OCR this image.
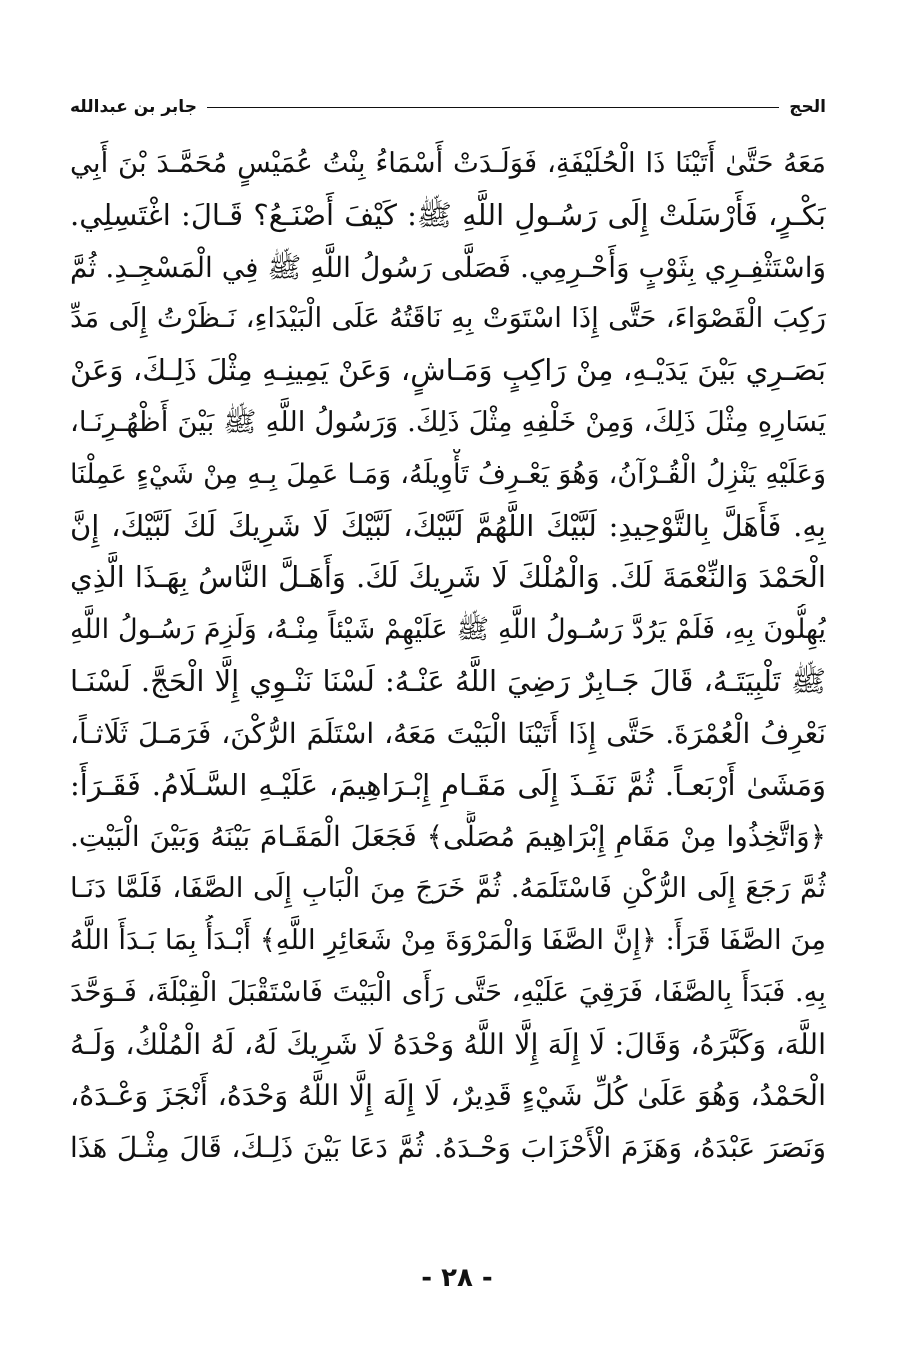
الحج
جابر بن عبدالله
مَعَهُ حَتَّىٰ أَتَيْنَا ذَا الْحُلَيْفَةِ، فَوَلَـدَتْ أَسْمَاءُ بِنْتُ عُمَيْسٍ مُحَمَّـدَ بْنَ أَبِي
بَكْـرٍ، فَأَرْسَلَتْ إِلَى رَسُـولِ اللَّهِ ﷺ: كَيْفَ أَصْنَـعُ؟ قَـالَ: اغْتَسِلِي.
وَاسْتَثْفِـرِي بِثَوْبٍ وَأَحْـرِمِي. فَصَلَّى رَسُولُ اللَّهِ ﷺ فِي الْمَسْجِـدِ. ثُمَّ
رَكِبَ الْقَصْوَاءَ، حَتَّى إِذَا اسْتَوَتْ بِهِ نَاقَتُهُ عَلَى الْبَيْدَاءِ، نَـظَرْتُ إِلَى مَدِّ
بَصَـرِي بَيْنَ يَدَيْـهِ، مِنْ رَاكِبٍ وَمَـاشٍ، وَعَنْ يَمِينِـهِ مِثْلَ ذَلِـكَ، وَعَنْ
يَسَارِهِ مِثْلَ ذَلِكَ، وَمِنْ خَلْفِهِ مِثْلَ ذَلِكَ. وَرَسُولُ اللَّهِ ﷺ بَيْنَ أَظْهُـرِنَـا،
وَعَلَيْهِ يَنْزِلُ الْقُـرْآنُ، وَهُوَ يَعْـرِفُ تَأْوِيلَهُ، وَمَـا عَمِلَ بِـهِ مِنْ شَيْءٍ عَمِلْنَا
بِهِ. فَأَهَلَّ بِالتَّوْحِيدِ: لَبَّيْكَ اللَّهُمَّ لَبَّيْكَ، لَبَّيْكَ لَا شَرِيكَ لَكَ لَبَّيْكَ، إِنَّ
الْحَمْدَ وَالنِّعْمَةَ لَكَ. وَالْمُلْكَ لَا شَرِيكَ لَكَ. وَأَهَـلَّ النَّاسُ بِهَـذَا الَّذِي
يُهِلُّونَ بِهِ، فَلَمْ يَرُدَّ رَسُـولُ اللَّهِ ﷺ عَلَيْهِمْ شَيْئاً مِنْـهُ، وَلَزِمَ رَسُـولُ اللَّهِ
ﷺ تَلْبِيَتَـهُ، قَالَ جَـابِرٌ رَضِيَ اللَّهُ عَنْـهُ: لَسْنَا نَنْـوِي إِلَّا الْحَجَّ. لَسْنَـا
نَعْرِفُ الْعُمْرَةَ. حَتَّى إِذَا أَتَيْنَا الْبَيْتَ مَعَهُ، اسْتَلَمَ الرُّكْنَ، فَرَمَـلَ ثَلَاثـاً،
وَمَشَىٰ أَرْبَعـاً. ثُمَّ نَفَـذَ إِلَى مَقَـامِ إِبْـرَاهِيمَ، عَلَيْـهِ السَّـلَامُ. فَقَـرَأَ:
﴿وَاتَّخِذُوا مِنْ مَقَامِ إِبْرَاهِيمَ مُصَلًّى﴾ فَجَعَلَ الْمَقَـامَ بَيْنَهُ وَبَيْنَ الْبَيْتِ.
ثُمَّ رَجَعَ إِلَى الرُّكْنِ فَاسْتَلَمَهُ. ثُمَّ خَرَجَ مِنَ الْبَابِ إِلَى الصَّفَا، فَلَمَّا دَنَـا
مِنَ الصَّفَا قَرَأَ: ﴿إِنَّ الصَّفَا وَالْمَرْوَةَ مِنْ شَعَائِرِ اللَّهِ﴾ أَبْـدَأُ بِمَا بَـدَأَ اللَّهُ
بِهِ. فَبَدَأَ بِالصَّفَا، فَرَقِيَ عَلَيْهِ، حَتَّى رَأَى الْبَيْتَ فَاسْتَقْبَلَ الْقِبْلَةَ، فَـوَحَّدَ
اللَّهَ، وَكَبَّرَهُ، وَقَالَ: لَا إِلَهَ إِلَّا اللَّهُ وَحْدَهُ لَا شَرِيكَ لَهُ، لَهُ الْمُلْكُ، وَلَـهُ
الْحَمْدُ، وَهُوَ عَلَىٰ كُلِّ شَيْءٍ قَدِيرٌ، لَا إِلَهَ إِلَّا اللَّهُ وَحْدَهُ، أَنْجَزَ وَعْـدَهُ،
وَنَصَرَ عَبْدَهُ، وَهَزَمَ الْأَحْزَابَ وَحْـدَهُ. ثُمَّ دَعَا بَيْنَ ذَلِـكَ، قَالَ مِثْـلَ هَذَا
- ٢٨ -
